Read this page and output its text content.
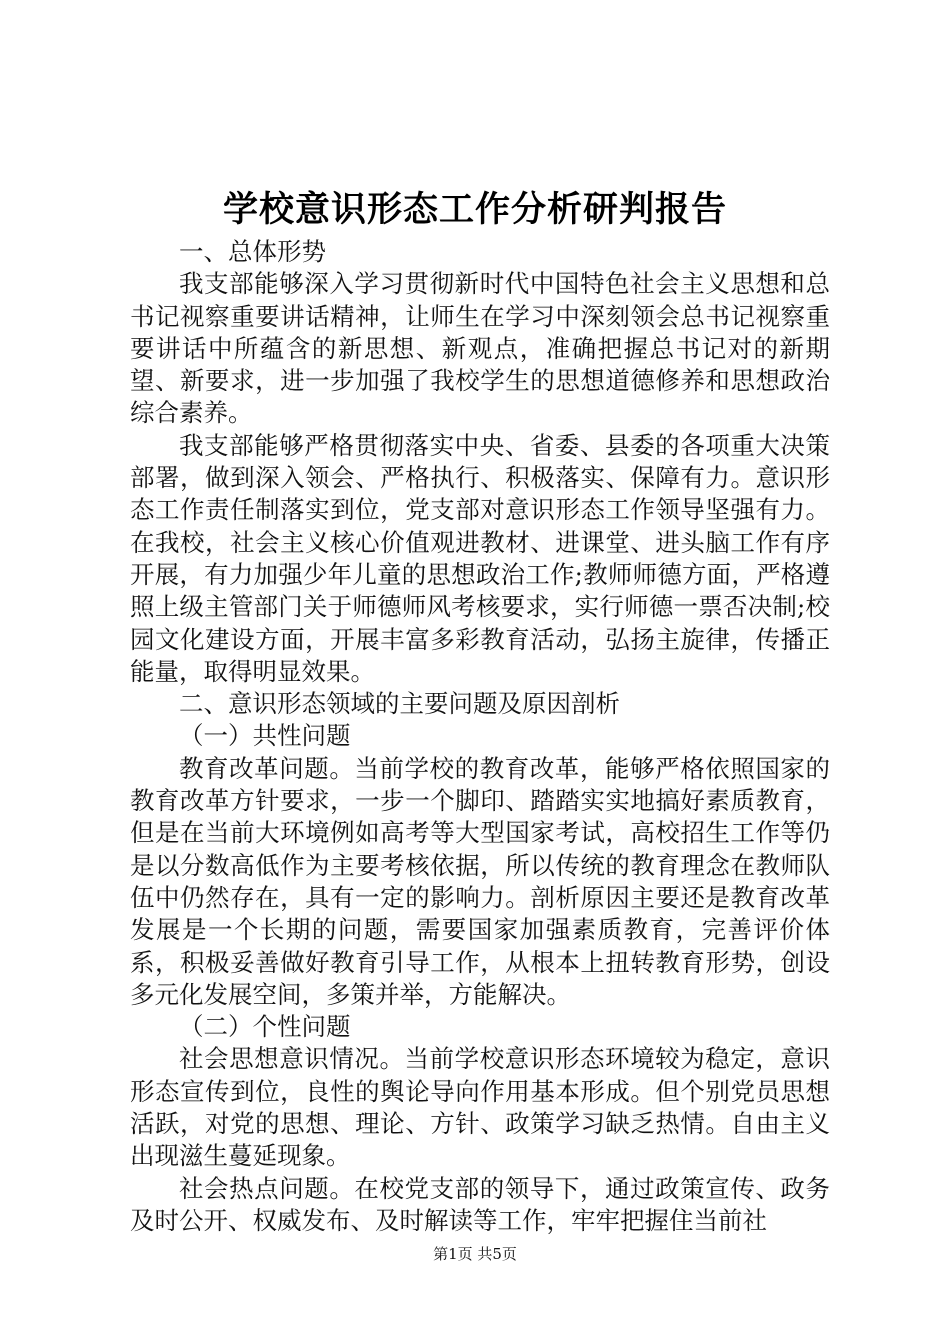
学校意识形态工作分析研判报告

一、总体形势

我支部能够深入学习贯彻新时代中国特色社会主义思想和总书记视察重要讲话精神，让师生在学习中深刻领会总书记视察重要讲话中所蕴含的新思想、新观点，准确把握总书记对的新期望、新要求，进一步加强了我校学生的思想道德修养和思想政治综合素养。

我支部能够严格贯彻落实中央、省委、县委的各项重大决策部署，做到深入领会、严格执行、积极落实、保障有力。意识形态工作责任制落实到位，党支部对意识形态工作领导坚强有力。在我校，社会主义核心价值观进教材、进课堂、进头脑工作有序开展，有力加强少年儿童的思想政治工作;教师师德方面，严格遵照上级主管部门关于师德师风考核要求，实行师德一票否决制;校园文化建设方面，开展丰富多彩教育活动，弘扬主旋律，传播正能量，取得明显效果。

二、意识形态领域的主要问题及原因剖析

（一）共性问题

教育改革问题。当前学校的教育改革，能够严格依照国家的教育改革方针要求，一步一个脚印、踏踏实实地搞好素质教育，但是在当前大环境例如高考等大型国家考试，高校招生工作等仍是以分数高低作为主要考核依据，所以传统的教育理念在教师队伍中仍然存在，具有一定的影响力。剖析原因主要还是教育改革发展是一个长期的问题，需要国家加强素质教育，完善评价体系，积极妥善做好教育引导工作，从根本上扭转教育形势，创设多元化发展空间，多策并举，方能解决。

（二）个性问题

社会思想意识情况。当前学校意识形态环境较为稳定，意识形态宣传到位，良性的舆论导向作用基本形成。但个别党员思想活跃，对党的思想、理论、方针、政策学习缺乏热情。自由主义出现滋生蔓延现象。

社会热点问题。在校党支部的领导下，通过政策宣传、政务及时公开、权威发布、及时解读等工作，牢牢把握住当前社

第1页 共5页
